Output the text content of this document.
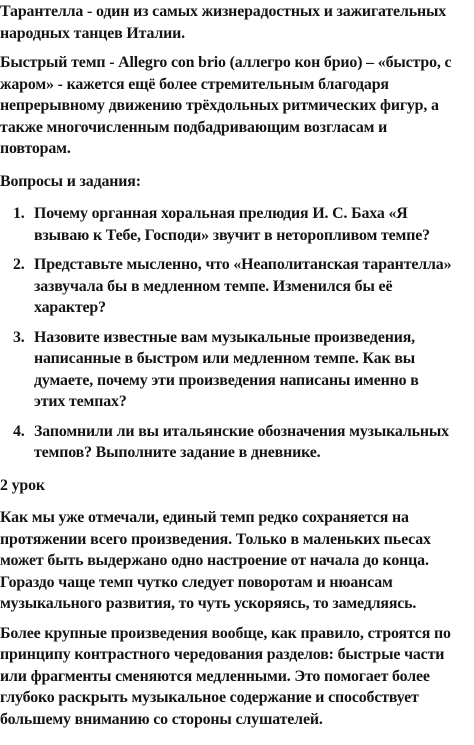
Тарантелла - один из самых жизнерадостных и зажигательных
народных танцев Италии.
Быстрый темп - Allegro con brio (аллегро кон брио) – «быстро, с
жаром» - кажется ещё более стремительным благодаря
непрерывному движению трёхдольных ритмических фигур, а
также многочисленным подбадривающим возгласам и
повторам.
Вопросы и задания:
1. Почему органная хоральная прелюдия И. С. Баха «Я
взываю к Тебе, Господи» звучит в неторопливом темпе?
2. Представьте мысленно, что «Неаполитанская тарантелла»
зазвучала бы в медленном темпе. Изменился бы её
характер?
3. Назовите известные вам музыкальные произведения,
написанные в быстром или медленном темпе. Как вы
думаете, почему эти произведения написаны именно в
этих темпах?
4. Запомнили ли вы итальянские обозначения музыкальных
темпов? Выполните задание в дневнике.
2 урок
Как мы уже отмечали, единый темп редко сохраняется на
протяжении всего произведения. Только в маленьких пьесах
может быть выдержано одно настроение от начала до конца.
Гораздо чаще темп чутко следует поворотам и нюансам
музыкального развития, то чуть ускоряясь, то замедляясь.
Более крупные произведения вообще, как правило, строятся по
принципу контрастного чередования разделов: быстрые части
или фрагменты сменяются медленными. Это помогает более
глубоко раскрыть музыкальное содержание и способствует
большему вниманию со стороны слушателей.
